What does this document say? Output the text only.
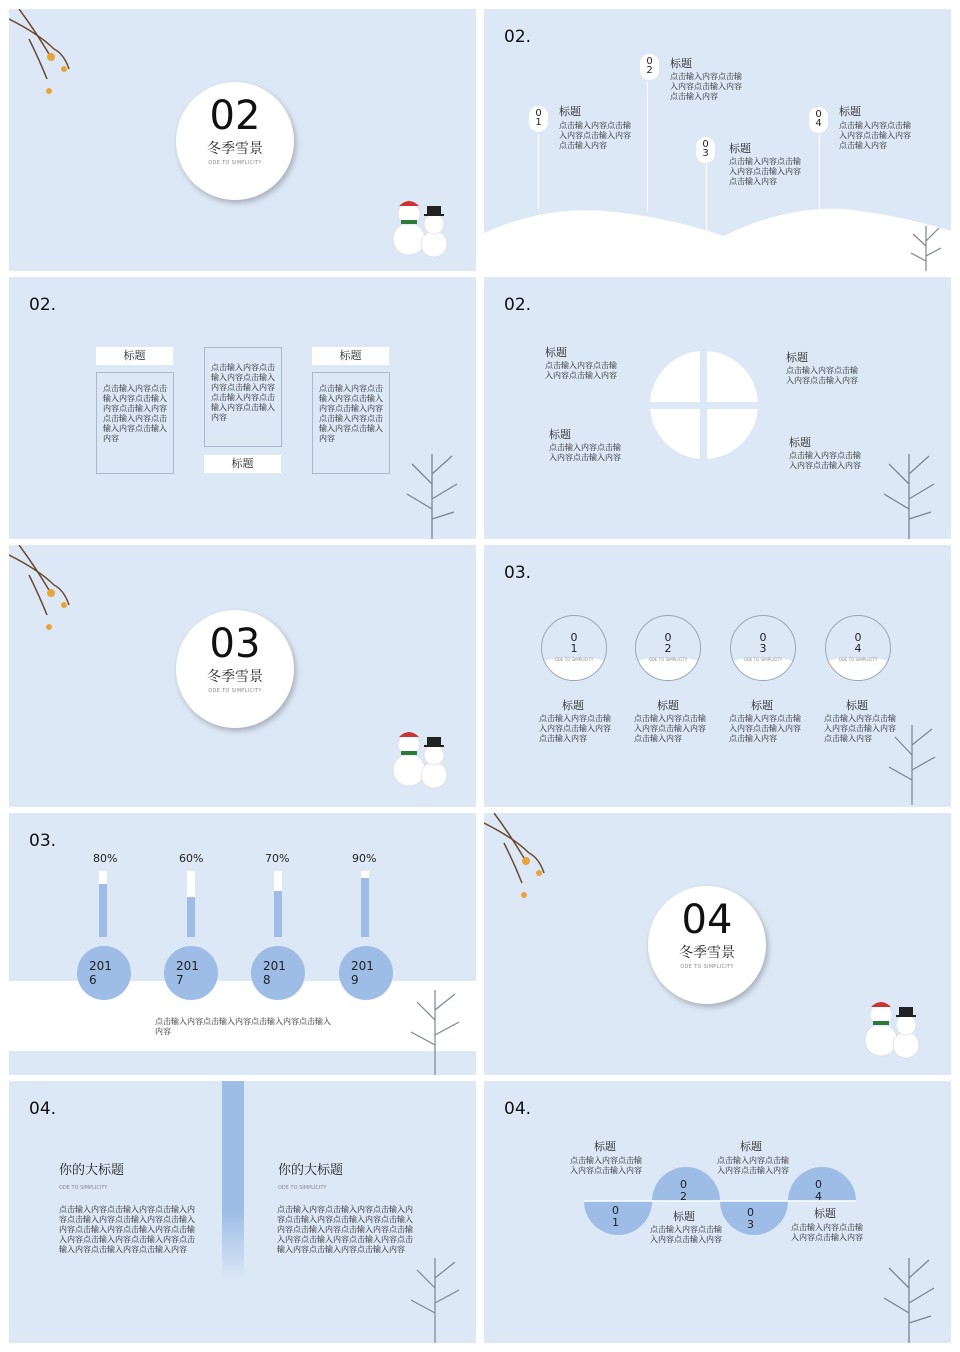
02
冬季雪景
ODE TO SIMPLICITY
02.
0
2
标题
点击输入内容点击输入内容点击输入内容点击输入内容
0
1
标题
点击输入内容点击输入内容点击输入内容点击输入内容	0
3	标题
点击输入内容点击输入内容点击输入内容点击输入内容
0
4
标题
点击输入内容点击输入内容点击输入内容点击输入内容
02.
标题
点击输入内容点击输入内容点击输入内容点击输入内容点击输入内容点击输入内容点击输入内容
点击输入内容点击输入内容点击输入内容点击输入内容点击输入内容点击输入内容点击输入内容
标题
标题
点击输入内容点击输入内容点击输入内容点击输入内容点击输入内容点击输入内容点击输入内容
02.
标题
点击输入内容点击输入内容点击输入内容
标题
点击输入内容点击输入内容点击输入内容
标题
点击输入内容点击输入内容点击输入内容
标题
点击输入内容点击输入内容点击输入内容
03
冬季雪景
ODE TO SIMPLICITY
03.
0
1
ODE TO SIMPLICITY
标题
点击输入内容点击输入内容点击输入内容点击输入内容
0
2
ODE TO SIMPLICITY
标题
点击输入内容点击输入内容点击输入内容点击输入内容
0
3
ODE TO SIMPLICITY
标题
点击输入内容点击输入内容点击输入内容点击输入内容
0
4
ODE TO SIMPLICITY
标题
点击输入内容点击输入内容点击输入内容点击输入内容
03.
80%
201
6
60%
201
7
70%
201
8
90%
201
9
点击输入内容点击输入内容点击输入内容点击输入内容
04
冬季雪景
ODE TO SIMPLICITY
04.
你的大标题
ODE TO SIMPLICITY
点击输入内容点击输入内容点击输入内容点击输入内容点击输入内容点击输入内容点击输入内容点击输入内容点击输入内容点击输入内容点击输入内容点击输入内容点击输入内容点击输入内容
你的大标题
ODE TO SIMPLICITY
点击输入内容点击输入内容点击输入内容点击输入内容点击输入内容点击输入内容点击输入内容点击输入内容点击输入内容点击输入内容点击输入内容点击输入内容点击输入内容点击输入内容
04.
0
1
0
2
0
3
0
4
标题
点击输入内容点击输入内容点击输入内容
标题
点击输入内容点击输入内容点击输入内容
标题
点击输入内容点击输入内容点击输入内容
标题
点击输入内容点击输入内容点击输入内容
